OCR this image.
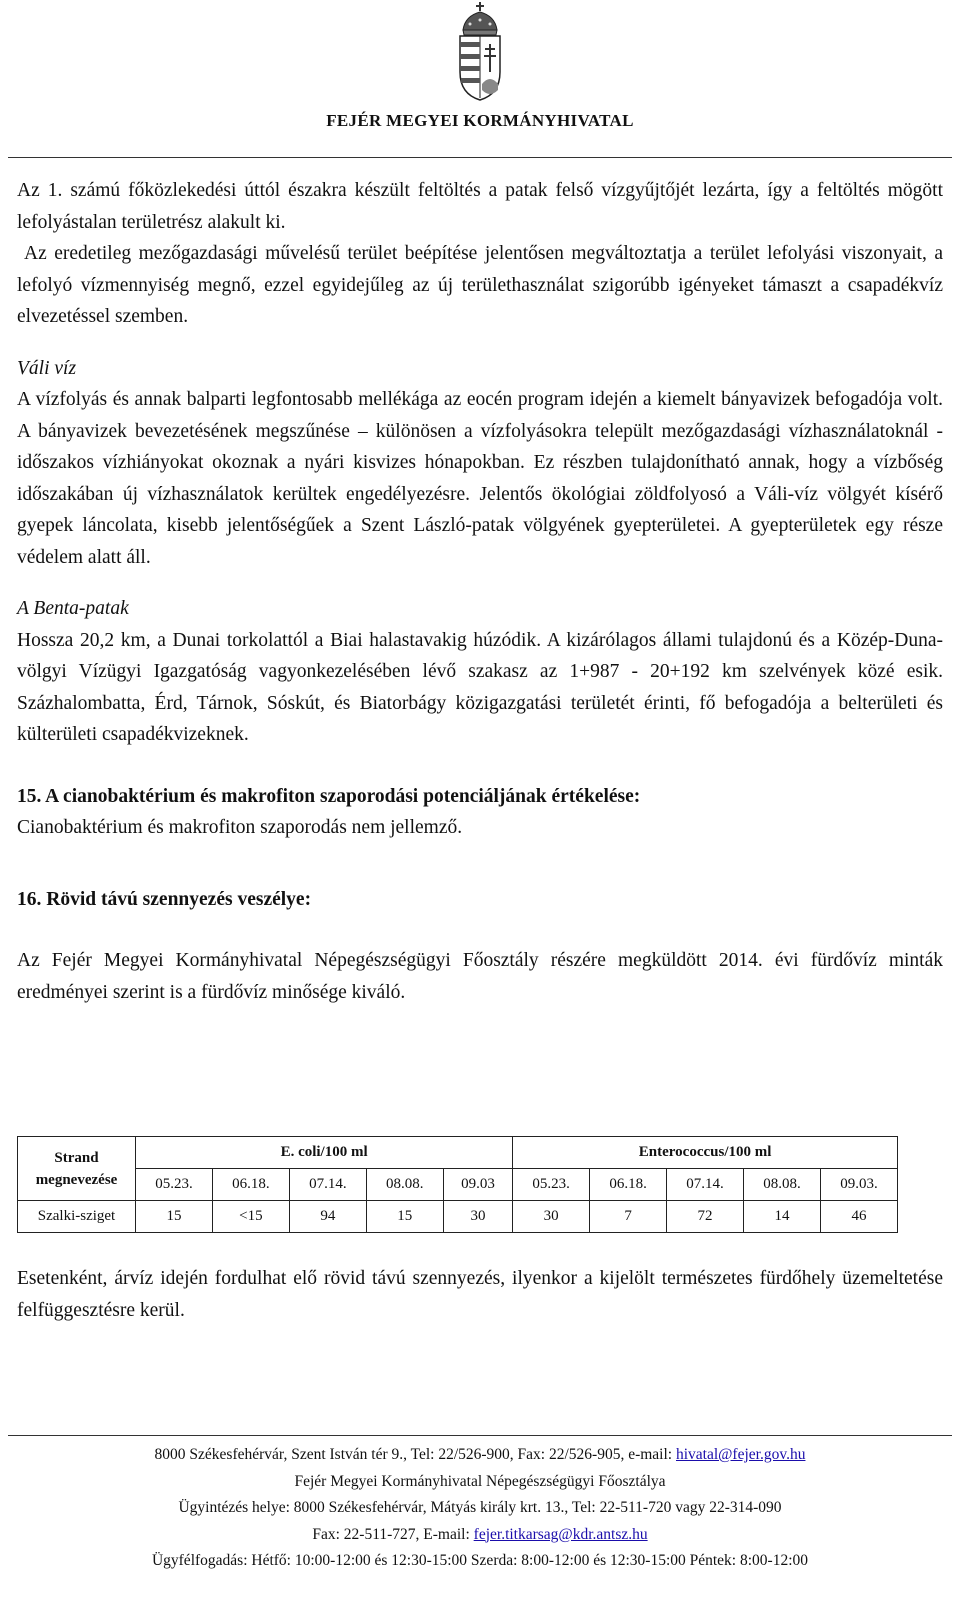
FEJÉR MEGYEI KORMÁNYHIVATAL

Az 1. számú főközlekedési úttól északra készült feltöltés a patak felső vízgyűjtőjét lezárta, így a feltöltés mögött lefolyástalan területrész alakult ki.

Az eredetileg mezőgazdasági művelésű terület beépítése jelentősen megváltoztatja a terület lefolyási viszonyait, a lefolyó vízmennyiség megnő, ezzel egyidejűleg az új területhasználat szigorúbb igényeket támaszt a csapadékvíz elvezetéssel szemben.

Váli víz

A vízfolyás és annak balparti legfontosabb mellékága az eocén program idején a kiemelt bányavizek befogadója volt. A bányavizek bevezetésének megszűnése – különösen a vízfolyásokra települt mezőgazdasági vízhasználatoknál - időszakos vízhiányokat okoznak a nyári kisvizes hónapokban. Ez részben tulajdonítható annak, hogy a vízbőség időszakában új vízhasználatok kerültek engedélyezésre. Jelentős ökológiai zöldfolyosó a Váli-víz völgyét kísérő gyepek láncolata, kisebb jelentőségűek a Szent László-patak völgyének gyepterületei. A gyepterületek egy része védelem alatt áll.

A Benta-patak

Hossza 20,2 km, a Dunai torkolattól a Biai halastavakig húzódik. A kizárólagos állami tulajdonú és a Közép-Duna-völgyi Vízügyi Igazgatóság vagyonkezelésében lévő szakasz az 1+987 - 20+192 km szelvények közé esik. Százhalombatta, Érd, Tárnok, Sóskút, és Biatorbágy közigazgatási területét érinti, fő befogadója a belterületi és külterületi csapadékvizeknek.

15. A cianobaktérium és makrofiton szaporodási potenciáljának értékelése:

Cianobaktérium és makrofiton szaporodás nem jellemző.

16. Rövid távú szennyezés veszélye:

Az Fejér Megyei Kormányhivatal Népegészségügyi Főosztály részére megküldött 2014. évi fürdővíz minták eredményei szerint is a fürdővíz minősége kiváló.

Strand megnevezése	E. coli/100 ml					Enterococcus/100 ml				
	05.23.	06.18.	07.14.	08.08.	09.03	05.23.	06.18.	07.14.	08.08.	09.03.
Szalki-sziget	15	<15	94	15	30	30	7	72	14	46

Esetenként, árvíz idején fordulhat elő rövid távú szennyezés, ilyenkor a kijelölt természetes fürdőhely üzemeltetése felfüggesztésre kerül.

8000 Székesfehérvár, Szent István tér 9., Tel: 22/526-900, Fax: 22/526-905, e-mail: hivatal@fejer.gov.hu
Fejér Megyei Kormányhivatal Népegészségügyi Főosztálya
Ügyintézés helye: 8000 Székesfehérvár, Mátyás király krt. 13., Tel: 22-511-720 vagy 22-314-090
Fax: 22-511-727, E-mail: fejer.titkarsag@kdr.antsz.hu
Ügyfélfogadás: Hétfő: 10:00-12:00 és 12:30-15:00 Szerda: 8:00-12:00 és 12:30-15:00 Péntek: 8:00-12:00
